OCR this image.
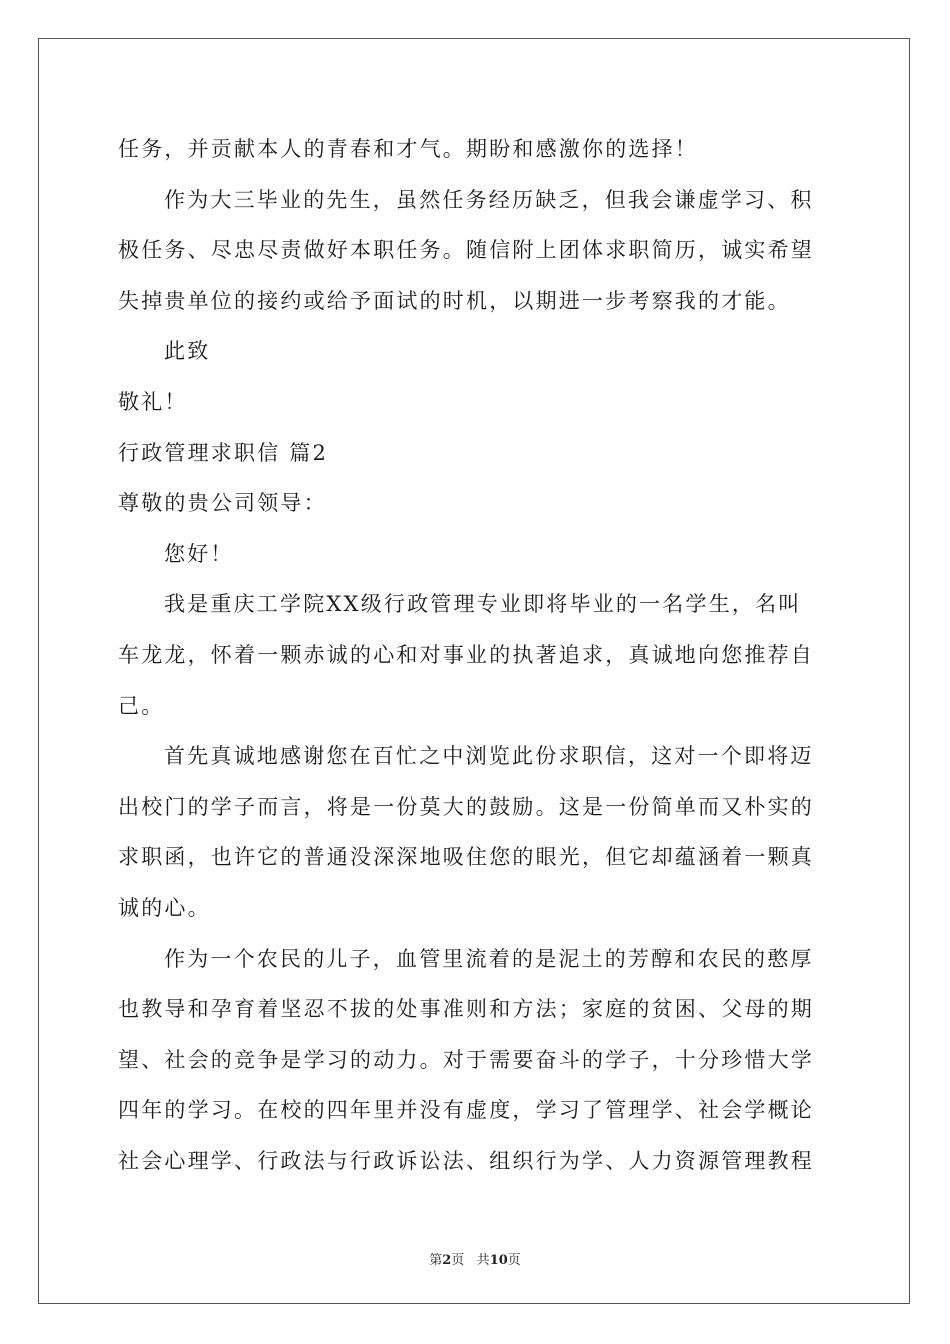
任务，并贡献本人的青春和才气。期盼和感激你的选择！
作为大三毕业的先生，虽然任务经历缺乏，但我会谦虚学习、积
极任务、尽忠尽责做好本职任务。随信附上团体求职简历，诚实希望
失掉贵单位的接约或给予面试的时机，以期进一步考察我的才能。
此致
敬礼！
行政管理求职信 篇2
尊敬的贵公司领导：
您好！
我是重庆工学院XX级行政管理专业即将毕业的一名学生，名叫
车龙龙，怀着一颗赤诚的心和对事业的执著追求，真诚地向您推荐自
己。
首先真诚地感谢您在百忙之中浏览此份求职信，这对一个即将迈
出校门的学子而言，将是一份莫大的鼓励。这是一份简单而又朴实的
求职函，也许它的普通没深深地吸住您的眼光，但它却蕴涵着一颗真
诚的心。
作为一个农民的儿子，血管里流着的是泥土的芳醇和农民的憨厚
也教导和孕育着坚忍不拔的处事准则和方法；家庭的贫困、父母的期
望、社会的竞争是学习的动力。对于需要奋斗的学子，十分珍惜大学
四年的学习。在校的四年里并没有虚度，学习了管理学、社会学概论
社会心理学、行政法与行政诉讼法、组织行为学、人力资源管理教程
第2页 共10页
